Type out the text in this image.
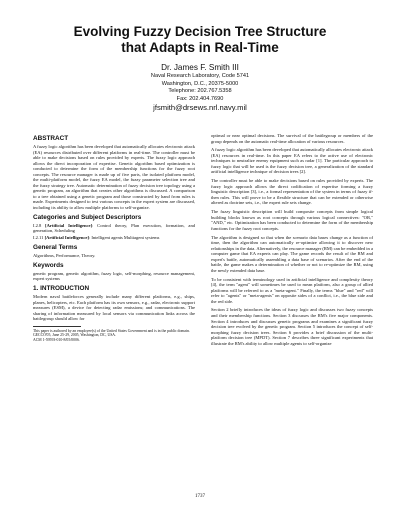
Evolving Fuzzy Decision Tree Structure
that Adapts in Real-Time
Dr. James F. Smith III
Naval Research Laboratory, Code 5741
Washington, D.C., 20375-5000
Telephone: 202.767.5358
Fax: 202.404.7690
jfsmith@drsews.nrl.navy.mil
ABSTRACT

A fuzzy logic algorithm has been developed that automatically allocates electronic attack (EA) resources distributed over different platforms in real-time. The controller must be able to make decisions based on rules provided by experts. The fuzzy logic approach allows the direct incorporation of expertise. Genetic algorithm based optimization is conducted to determine the form of the membership functions for the fuzzy root concepts. The resource manager is made up of five parts, the isolated platform model, the multi-platform model, the fuzzy EA model, the fuzzy parameter selection tree and the fuzzy strategy tree. Automatic determination of fuzzy decision tree topology using a genetic program, an algorithm that creates other algorithms is discussed. A comparison to a tree obtained using a genetic program and those constructed by hand from rules is made. Experiments designed to test various concepts in the expert system are discussed, including its ability to allow multiple platforms to self-organize.

Categories and Subject Descriptors

I.2.8 [Artificial Intelligence]: Control theory, Plan execution, formation, and generation, Scheduling

I.2.11 [Artificial Intelligence]: Intelligent agents Multiagent systems

General Terms

Algorithms, Performance, Theory.

Keywords

genetic program, genetic algorithm, fuzzy logic, self-morphing, resource management, expert systems

1. INTRODUCTION

Modern naval battleforces generally include many different platforms, e.g., ships, planes, helicopters, etc. Each platform has its own sensors, e.g., radar, electronic support measures (ESM), a device for detecting radar emissions; and communications. The sharing of information measured by local sensors via communication links across the battlegroup should allow for

This paper is authored by an employee(s) of the United States Government and is in the public domain.
GECCO'05, June 25-29, 2005, Washington, DC, USA.
ACM 1-59593-010-8/05/0006.

optimal or near optimal decisions. The survival of the battlegroup or members of the group depends on the automatic real-time allocation of various resources.

A fuzzy logic algorithm has been developed that automatically allocates electronic attack (EA) resources in real-time. In this paper EA refers to the active use of electronic techniques to neutralize enemy equipment such as radar [1]. The particular approach to fuzzy logic that will be used is the fuzzy decision tree, a generalization of the standard artificial intelligence technique of decision trees [2].

The controller must be able to make decisions based on rules provided by experts. The fuzzy logic approach allows the direct codification of expertise forming a fuzzy linguistic description [3], i.e., a formal representation of the system in terms of fuzzy if-then rules. This will prove to be a flexible structure that can be extended or otherwise altered as doctrine sets, i.e., the expert rule sets change.

The fuzzy linguistic description will build composite concepts from simple logical building blocks known as root concepts through various logical connectives: "OR," "AND," etc. Optimization has been conducted to determine the form of the membership functions for the fuzzy root concepts.

The algorithm is designed so that when the scenario data bases change as a function of time, then the algorithm can automatically re-optimize allowing it to discover new relationships in the data. Alternatively, the resource manager (RM) can be embedded in a computer game that EA experts can play. The game records the result of the RM and expert's battle, automatically assembling a data base of scenarios. After the end of the battle, the game makes a determination of whether or not to re-optimize the RM, using the newly extended data base.

To be consistent with terminology used in artificial intelligence and complexity theory [4], the term "agent" will sometimes be used to mean platform, also a group of allied platforms will be referred to as a "meta-agent." Finally, the terms "blue" and "red" will refer to "agents" or "meta-agents" on opposite sides of a conflict, i.e., the blue side and the red side.

Section 2 briefly introduces the ideas of fuzzy logic and discusses two fuzzy concepts and their membership functions. Section 3 discusses the RM's five major components. Section 4 introduces and discusses genetic programs and examines a significant fuzzy decision tree evolved by the genetic program. Section 5 introduces the concept of self-morphing fuzzy decision trees. Section 6 provides a brief discussion of the multi-platform decision tree (MPDT). Section 7 describes three significant experiments that illustrate the RM's ability to allow multiple agents to self-organize

1737
